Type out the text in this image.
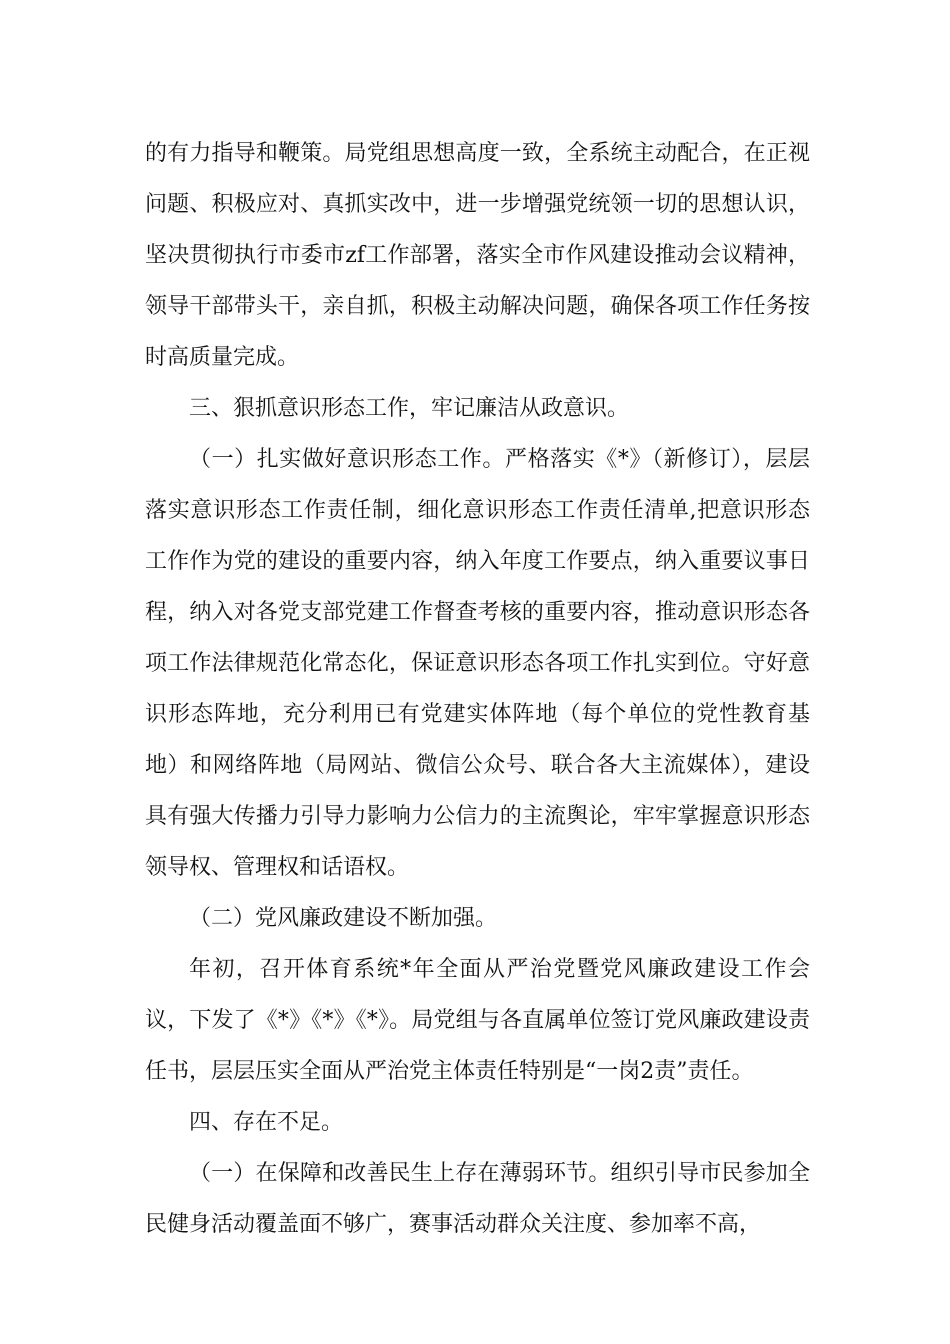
的有力指导和鞭策。局党组思想高度一致，全系统主动配合，在正视问题、积极应对、真抓实改中，进一步增强党统领一切的思想认识，坚决贯彻执行市委市zf工作部署，落实全市作风建设推动会议精神，领导干部带头干，亲自抓，积极主动解决问题，确保各项工作任务按时高质量完成。

三、狠抓意识形态工作，牢记廉洁从政意识。

（一）扎实做好意识形态工作。严格落实《*》（新修订），层层落实意识形态工作责任制，细化意识形态工作责任清单,把意识形态工作作为党的建设的重要内容，纳入年度工作要点，纳入重要议事日程，纳入对各党支部党建工作督查考核的重要内容，推动意识形态各项工作法律规范化常态化，保证意识形态各项工作扎实到位。守好意识形态阵地，充分利用已有党建实体阵地（每个单位的党性教育基地）和网络阵地（局网站、微信公众号、联合各大主流媒体），建设具有强大传播力引导力影响力公信力的主流舆论，牢牢掌握意识形态领导权、管理权和话语权。

（二）党风廉政建设不断加强。

年初，召开体育系统*年全面从严治党暨党风廉政建设工作会议，下发了《*》《*》《*》。局党组与各直属单位签订党风廉政建设责任书，层层压实全面从严治党主体责任特别是“一岗2责”责任。

四、存在不足。

（一）在保障和改善民生上存在薄弱环节。组织引导市民参加全民健身活动覆盖面不够广，赛事活动群众关注度、参加率不高，
